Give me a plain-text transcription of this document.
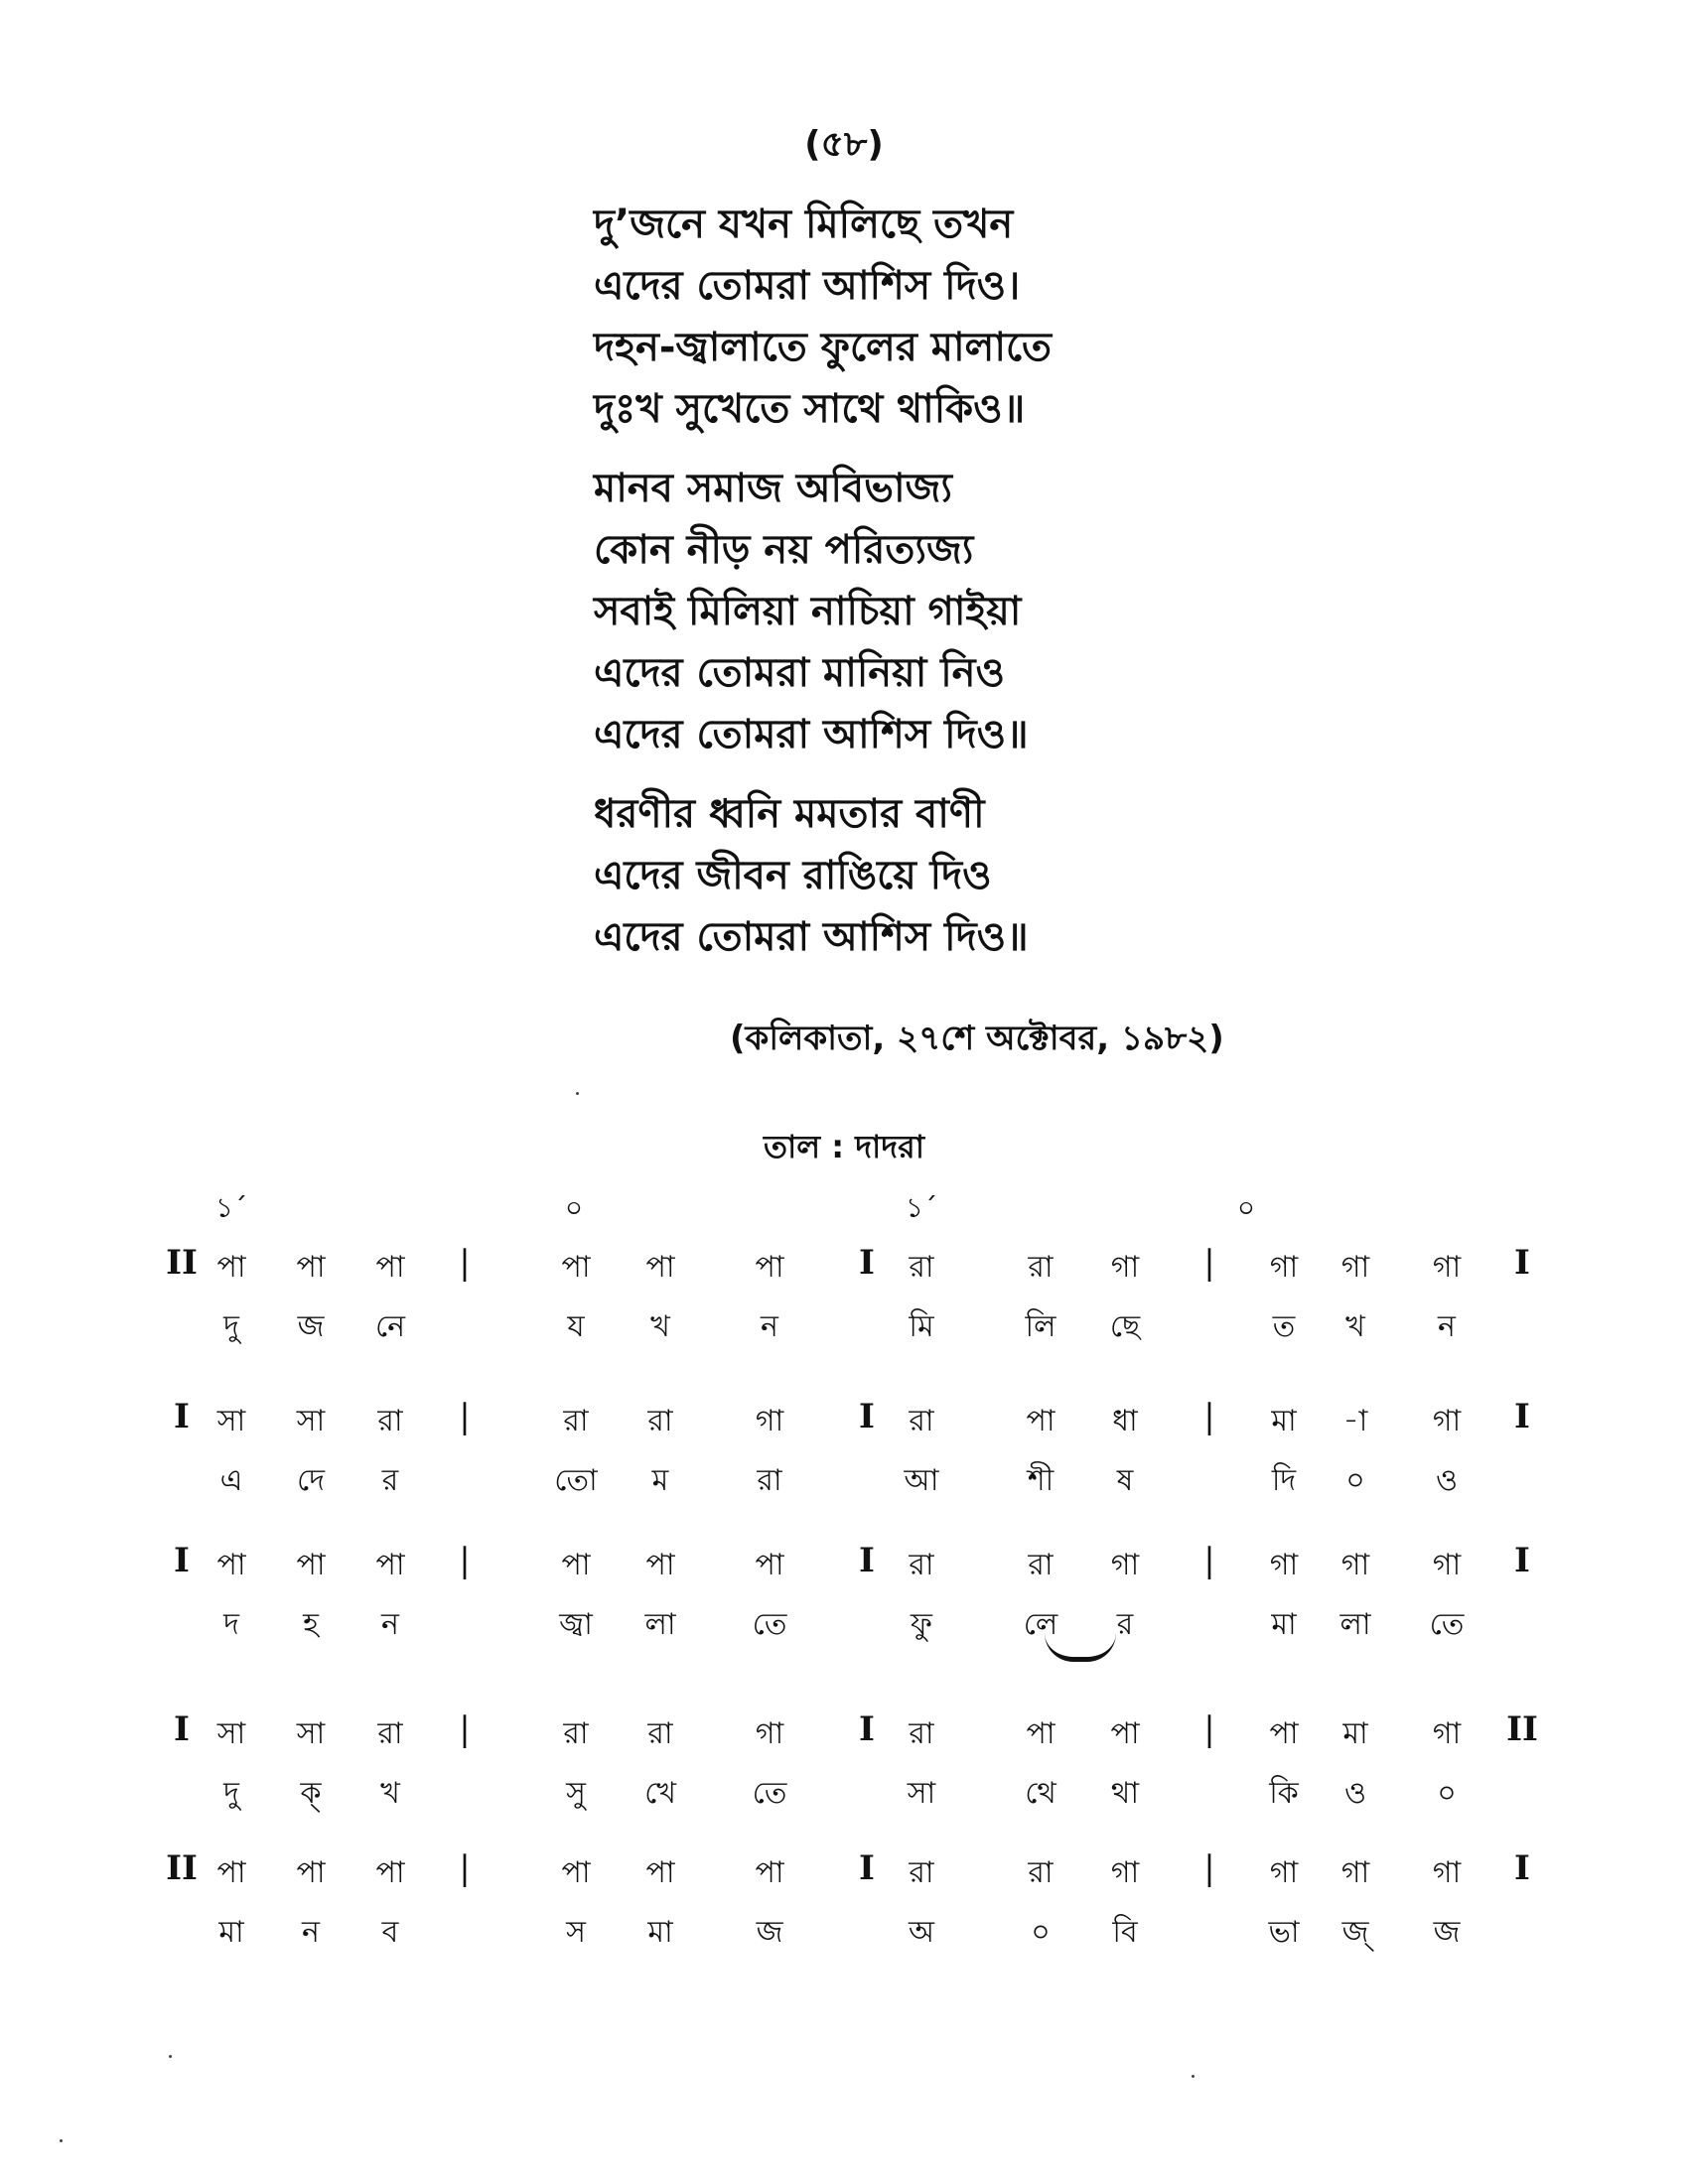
(৫৮)
দু’জনে যখন মিলিছে তখন
এদের তোমরা আশিস দিও।
দহন-জ্বালাতে ফুলের মালাতে
দুঃখ সুখেতে সাথে থাকিও॥
মানব সমাজ অবিভাজ্য
কোন নীড় নয় পরিত্যজ্য
সবাই মিলিয়া নাচিয়া গাইয়া
এদের তোমরা মানিয়া নিও
এদের তোমরা আশিস দিও॥
ধরণীর ধ্বনি মমতার বাণী
এদের জীবন রাঙিয়ে দিও
এদের তোমরা আশিস দিও॥
(কলিকাতা, ২৭শে অক্টোবর, ১৯৮২)
তাল : দাদরা
১´	০	১´	০
II পা পা পা |	পা পা	পা I রা	রা গা | গা গা গা I
দু জ নে	য খ	ন	মি	লি ছে	ত খ ন
I সা সা রা |	রা রা	গা I রা	পা ধা | মা -া গা I
এ দে র	তো ম	রা	আ	শী ষ	দি ০ ও
I পা পা পা |	পা পা	পা I রা	রা গা | গা গা গা I
দ হ ন	জ্বা লা	তে	ফু	লে র	মা লা তে
I সা সা রা |	রা রা	গা I রা	পা পা | পা মা গা II
দু ক্ খ	সু খে	তে	সা	থে থা	কি ও ০
II পা পা পা |	পা পা	পা I রা	রা গা | গা গা গা I
মা ন ব	স মা	জ	অ	০ বি	ভা জ্ জ
